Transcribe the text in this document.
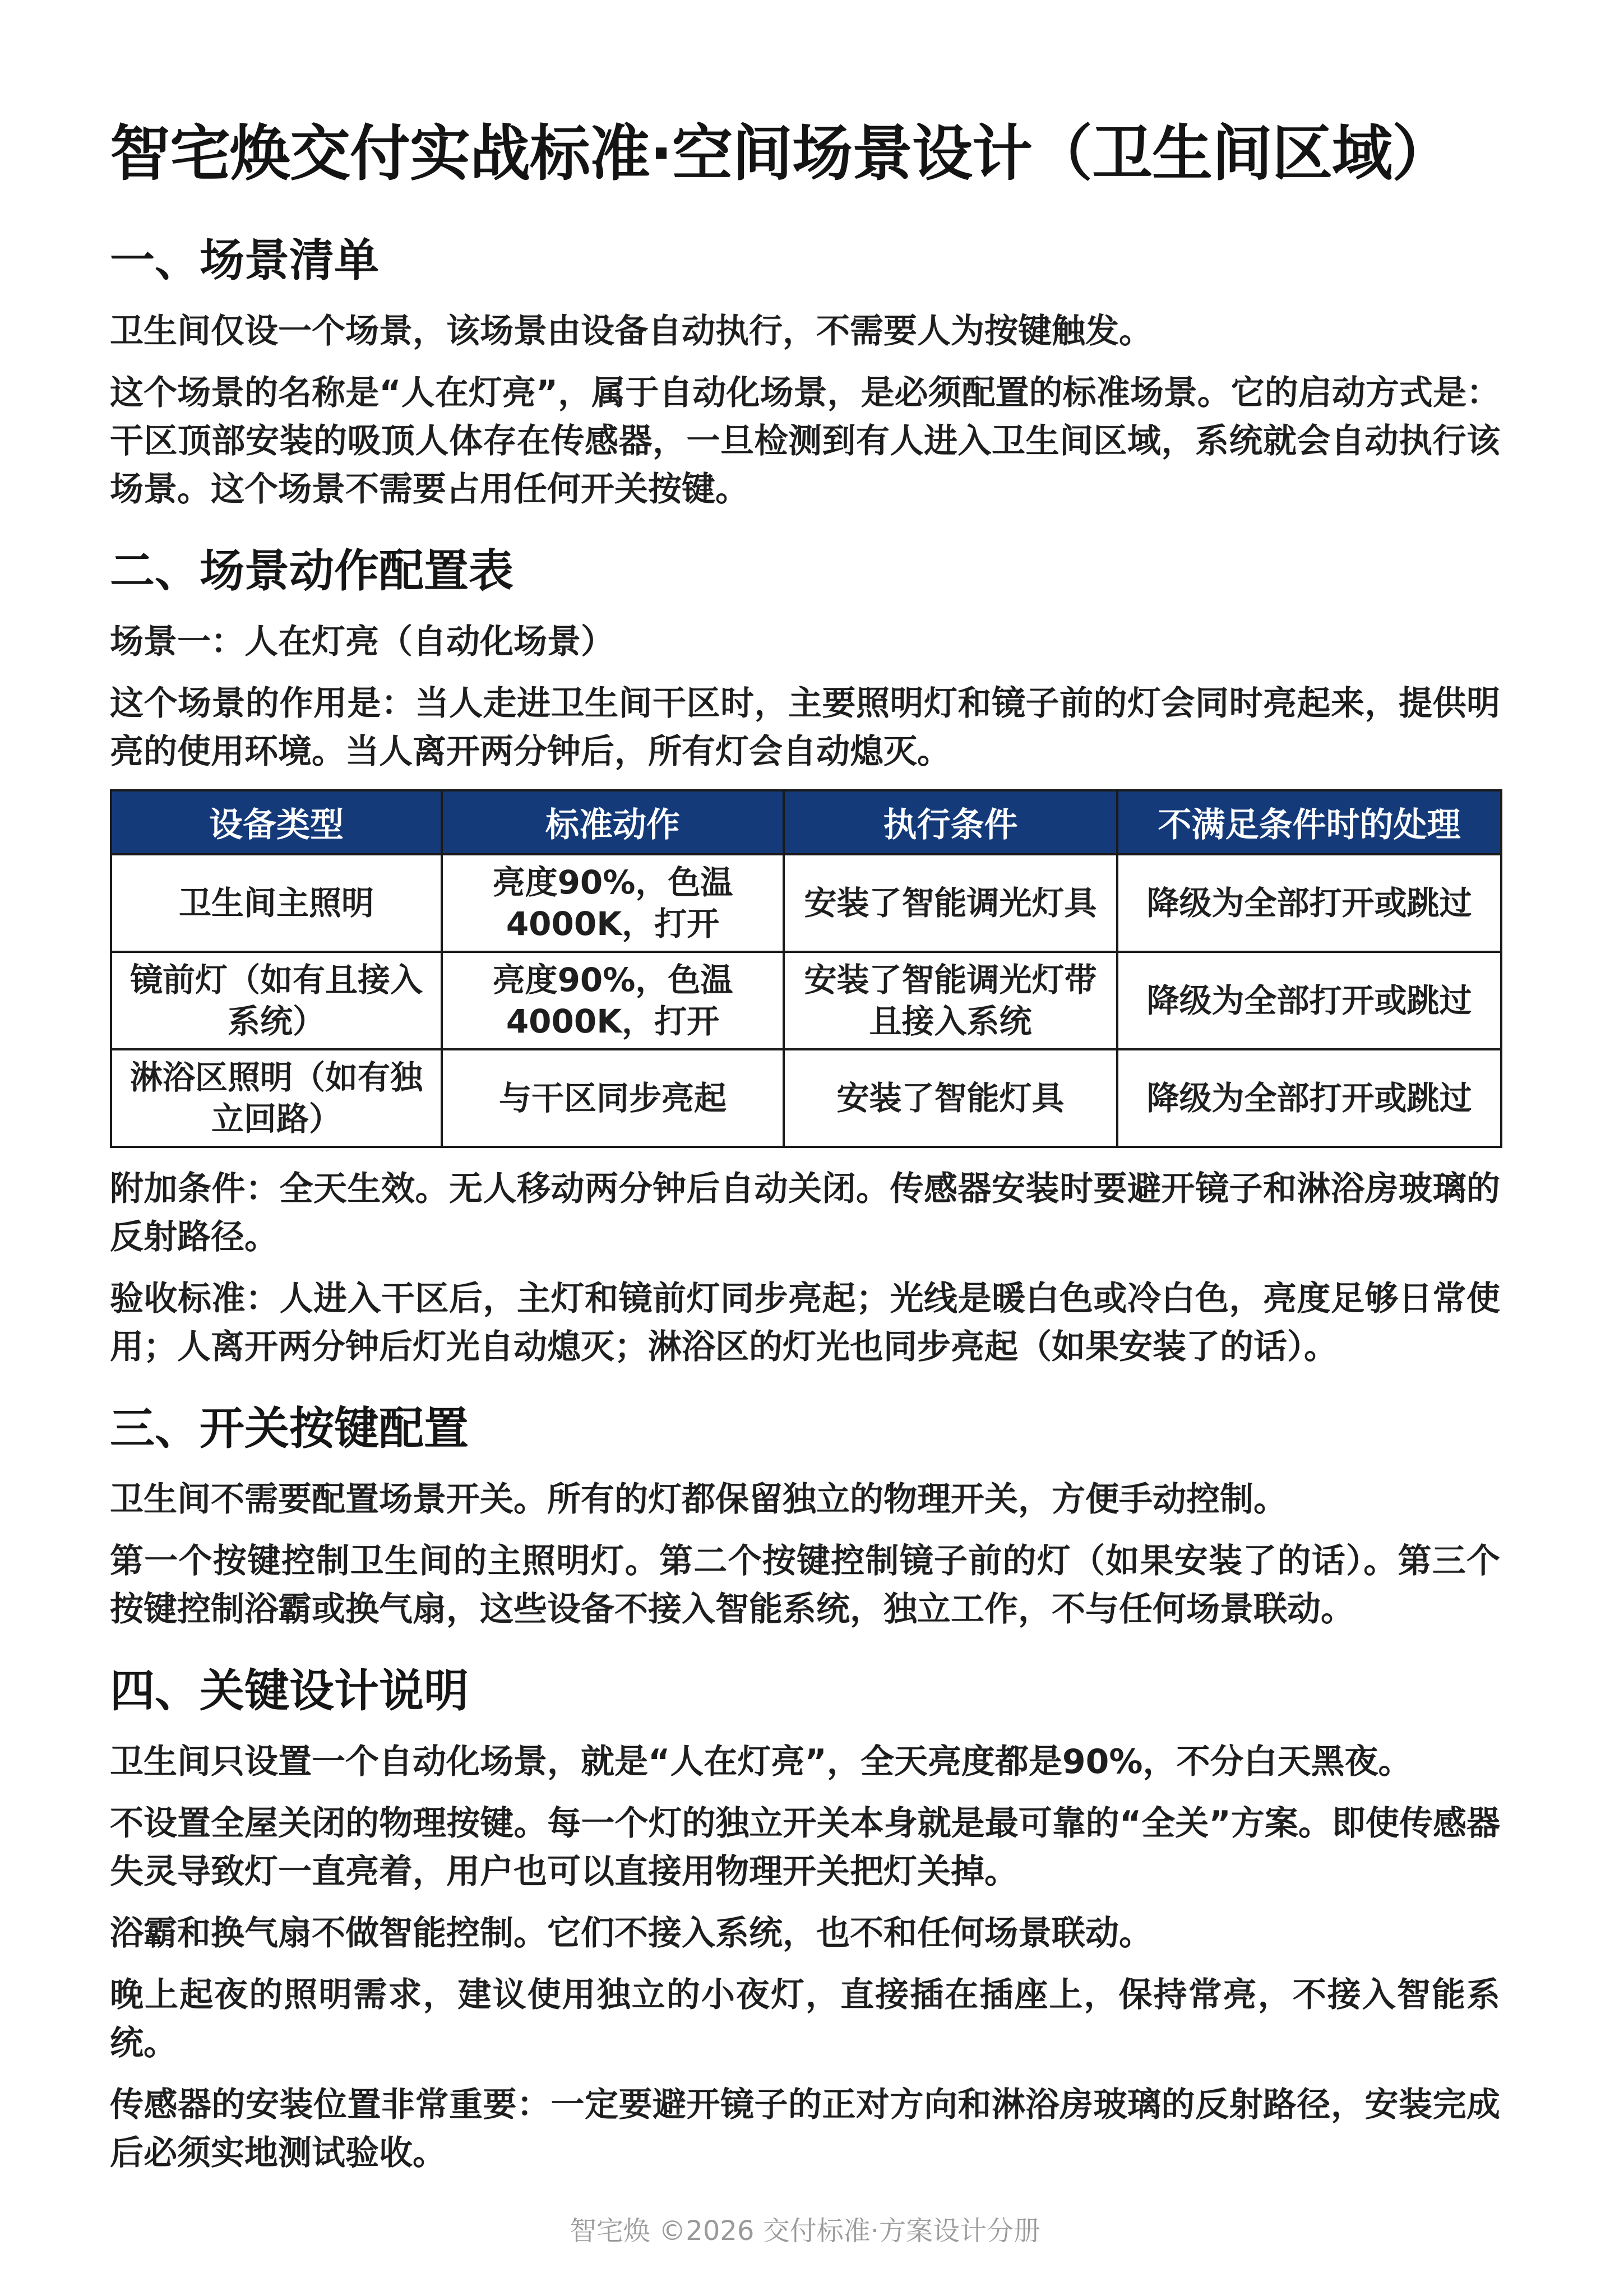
智宅焕交付实战标准·空间场景设计（卫生间区域）
一、场景清单

卫生间仅设一个场景，该场景由设备自动执行，不需要人为按键触发。

这个场景的名称是“人在灯亮”，属于自动化场景，是必须配置的标准场景。它的启动方式是：干区顶部安装的吸顶人体存在传感器，一旦检测到有人进入卫生间区域，系统就会自动执行该场景。这个场景不需要占用任何开关按键。

二、场景动作配置表

场景一：人在灯亮（自动化场景）

这个场景的作用是：当人走进卫生间干区时，主要照明灯和镜子前的灯会同时亮起来，提供明亮的使用环境。当人离开两分钟后，所有灯会自动熄灭。

设备类型	标准动作	执行条件	不满足条件时的处理
卫生间主照明	亮度90%，色温4000K，打开	安装了智能调光灯具	降级为全部打开或跳过
镜前灯（如有且接入系统）	亮度90%，色温4000K，打开	安装了智能调光灯带且接入系统	降级为全部打开或跳过
淋浴区照明（如有独立回路）	与干区同步亮起	安装了智能灯具	降级为全部打开或跳过

附加条件：全天生效。无人移动两分钟后自动关闭。传感器安装时要避开镜子和淋浴房玻璃的反射路径。

验收标准：人进入干区后，主灯和镜前灯同步亮起；光线是暖白色或冷白色，亮度足够日常使用；人离开两分钟后灯光自动熄灭；淋浴区的灯光也同步亮起（如果安装了的话）。

三、开关按键配置

卫生间不需要配置场景开关。所有的灯都保留独立的物理开关，方便手动控制。

第一个按键控制卫生间的主照明灯。第二个按键控制镜子前的灯（如果安装了的话）。第三个按键控制浴霸或换气扇，这些设备不接入智能系统，独立工作，不与任何场景联动。

四、关键设计说明

卫生间只设置一个自动化场景，就是“人在灯亮”，全天亮度都是90%，不分白天黑夜。

不设置全屋关闭的物理按键。每一个灯的独立开关本身就是最可靠的“全关”方案。即使传感器失灵导致灯一直亮着，用户也可以直接用物理开关把灯关掉。

浴霸和换气扇不做智能控制。它们不接入系统，也不和任何场景联动。

晚上起夜的照明需求，建议使用独立的小夜灯，直接插在插座上，保持常亮，不接入智能系统。

传感器的安装位置非常重要：一定要避开镜子的正对方向和淋浴房玻璃的反射路径，安装完成后必须实地测试验收。

智宅焕 ©2026 交付标准·方案设计分册
